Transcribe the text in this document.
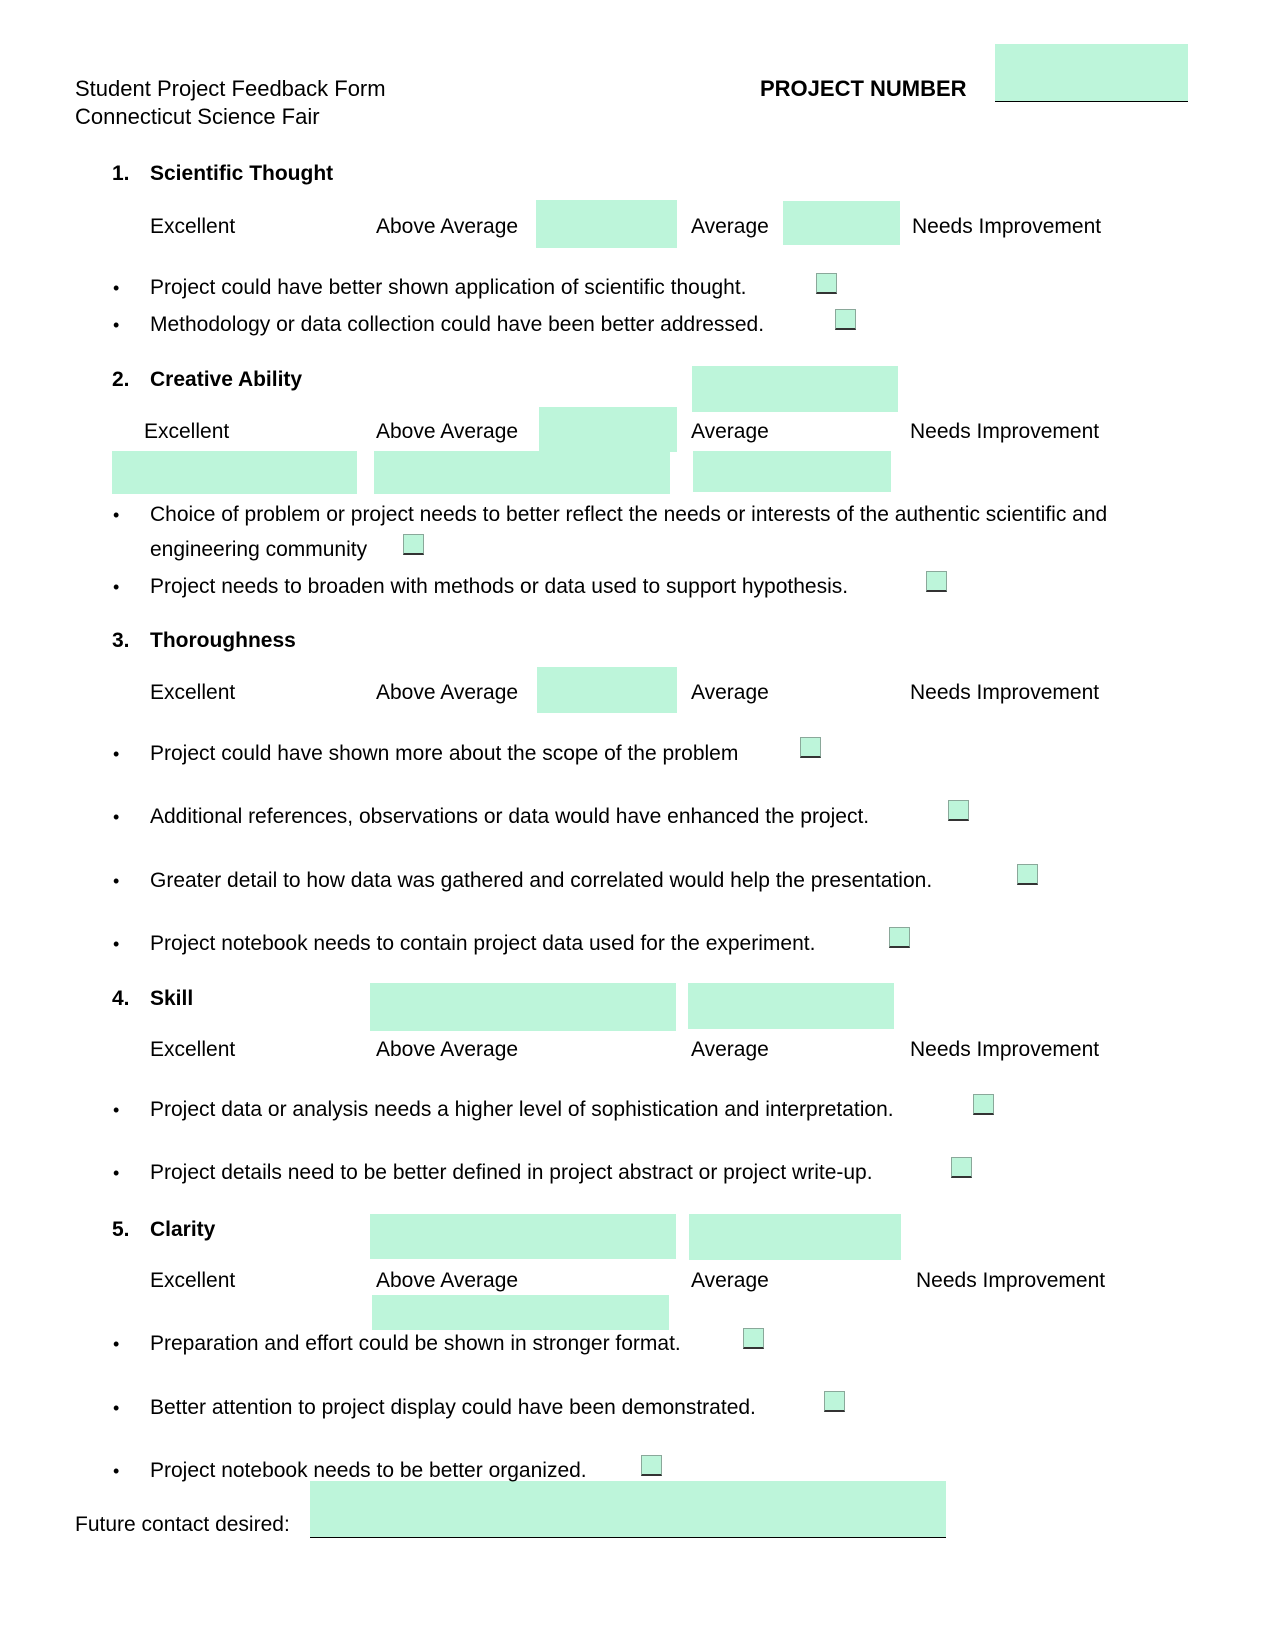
Student Project Feedback Form
Connecticut Science Fair
PROJECT NUMBER
1. Scientific Thought
Excellent	Above Average	Average	Needs Improvement
• Project could have better shown application of scientific thought.
• Methodology or data collection could have been better addressed.
2. Creative Ability
Excellent	Above Average	Average	Needs Improvement
• Choice of problem or project needs to better reflect the needs or interests of the authentic scientific and
engineering community
• Project needs to broaden with methods or data used to support hypothesis.
3. Thoroughness
Excellent	Above Average	Average	Needs Improvement
• Project could have shown more about the scope of the problem
• Additional references, observations or data would have enhanced the project.
• Greater detail to how data was gathered and correlated would help the presentation.
• Project notebook needs to contain project data used for the experiment.
4. Skill
Excellent	Above Average	Average	Needs Improvement
• Project data or analysis needs a higher level of sophistication and interpretation.
• Project details need to be better defined in project abstract or project write-up.
5. Clarity
Excellent	Above Average	Average	Needs Improvement
• Preparation and effort could be shown in stronger format.
• Better attention to project display could have been demonstrated.
• Project notebook needs to be better organized.
Future contact desired:
